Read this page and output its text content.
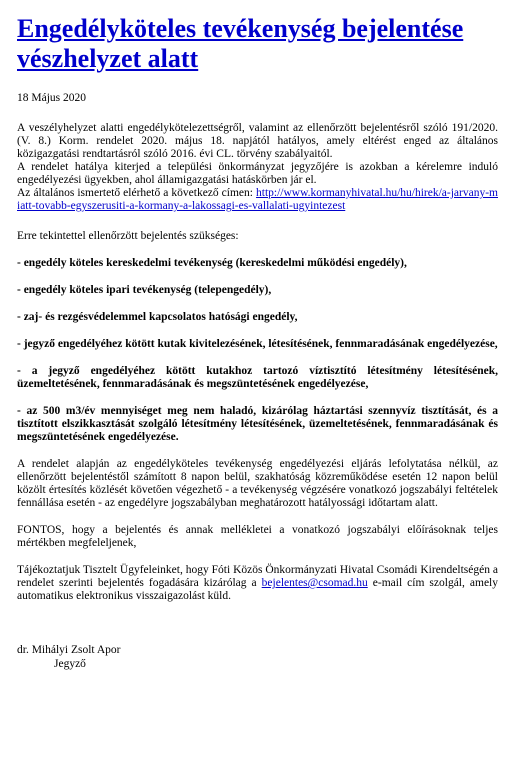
Engedélyköteles tevékenység bejelentése vészhelyzet alatt
18 Május 2020

A veszélyhelyzet alatti engedélykötelezettségről, valamint az ellenőrzött bejelentésről szóló 191/2020. (V. 8.) Korm. rendelet 2020. május 18. napjától hatályos, amely eltérést enged az általános közigazgatási rendtartásról szóló 2016. évi CL. törvény szabályaitól.

A rendelet hatálya kiterjed a települési önkormányzat jegyzőjére is azokban a kérelemre induló engedélyezési ügyekben, ahol államigazgatási hatáskörben jár el.

Az általános ismertető elérhető a következő címen: http://www.kormanyhivatal.hu/hu/hirek/a-jarvany-miatt-tovabb-egyszerusiti-a-kormany-a-lakossagi-es-vallalati-ugyintezest

Erre tekintettel ellenőrzött bejelentés szükséges:

- engedély köteles kereskedelmi tevékenység (kereskedelmi működési engedély),

- engedély köteles ipari tevékenység (telepengedély),

- zaj- és rezgésvédelemmel kapcsolatos hatósági engedély,

- jegyző engedélyéhez kötött kutak kivitelezésének, létesítésének, fennmaradásának engedélyezése,

- a jegyző engedélyéhez kötött kutakhoz tartozó víztisztító létesítmény létesítésének, üzemeltetésének, fennmaradásának és megszüntetésének engedélyezése,

- az 500 m3/év mennyiséget meg nem haladó, kizárólag háztartási szennyvíz tisztítását, és a tisztított elszikkasztását szolgáló létesítmény létesítésének, üzemeltetésének, fennmaradásának és megszüntetésének engedélyezése.

A rendelet alapján az engedélyköteles tevékenység engedélyezési eljárás lefolytatása nélkül, az ellenőrzött bejelentéstől számított 8 napon belül, szakhatóság közreműködése esetén 12 napon belül közölt értesítés közlését követően végezhető - a tevékenység végzésére vonatkozó jogszabályi feltételek fennállása esetén - az engedélyre jogszabályban meghatározott hatályossági időtartam alatt.

FONTOS, hogy a bejelentés és annak mellékletei a vonatkozó jogszabályi előírásoknak teljes mértékben megfeleljenek,

Tájékoztatjuk Tisztelt Ügyfeleinket, hogy Fóti Közös Önkormányzati Hivatal Csomádi Kirendeltségén a rendelet szerinti bejelentés fogadására kizárólag a bejelentes@csomad.hu e-mail cím szolgál, amely automatikus elektronikus visszaigazolást küld.

dr. Mihályi Zsolt Apor
Jegyző
